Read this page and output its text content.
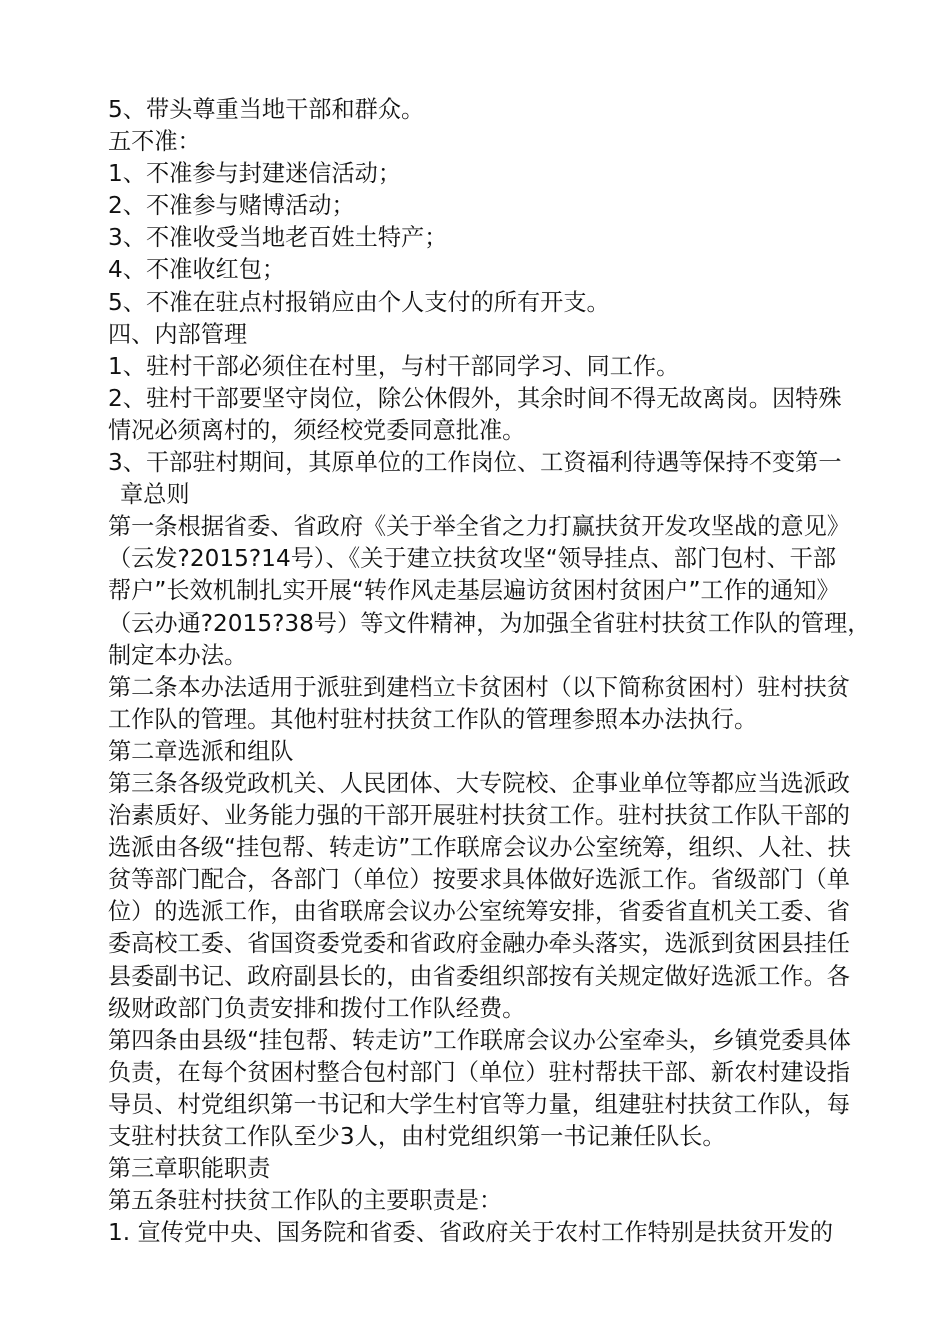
5、带头尊重当地干部和群众。
五不准：
1、不准参与封建迷信活动；
2、不准参与赌博活动；
3、不准收受当地老百姓土特产；
4、不准收红包；
5、不准在驻点村报销应由个人支付的所有开支。
四、内部管理
1、驻村干部必须住在村里，与村干部同学习、同工作。
2、驻村干部要坚守岗位，除公休假外，其余时间不得无故离岗。因特殊
情况必须离村的，须经校党委同意批准。
3、干部驻村期间，其原单位的工作岗位、工资福利待遇等保持不变第一
章总则
第一条根据省委、省政府《关于举全省之力打赢扶贫开发攻坚战的意见》
（云发?2015?14号）、《关于建立扶贫攻坚“领导挂点、部门包村、干部
帮户”长效机制扎实开展“转作风走基层遍访贫困村贫困户”工作的通知》
（云办通?2015?38号）等文件精神，为加强全省驻村扶贫工作队的管理，
制定本办法。
第二条本办法适用于派驻到建档立卡贫困村（以下简称贫困村）驻村扶贫
工作队的管理。其他村驻村扶贫工作队的管理参照本办法执行。
第二章选派和组队
第三条各级党政机关、人民团体、大专院校、企事业单位等都应当选派政
治素质好、业务能力强的干部开展驻村扶贫工作。驻村扶贫工作队干部的
选派由各级“挂包帮、转走访”工作联席会议办公室统筹，组织、人社、扶
贫等部门配合，各部门（单位）按要求具体做好选派工作。省级部门（单
位）的选派工作，由省联席会议办公室统筹安排，省委省直机关工委、省
委高校工委、省国资委党委和省政府金融办牵头落实，选派到贫困县挂任
县委副书记、政府副县长的，由省委组织部按有关规定做好选派工作。各
级财政部门负责安排和拨付工作队经费。
第四条由县级“挂包帮、转走访”工作联席会议办公室牵头，乡镇党委具体
负责，在每个贫困村整合包村部门（单位）驻村帮扶干部、新农村建设指
导员、村党组织第一书记和大学生村官等力量，组建驻村扶贫工作队，每
支驻村扶贫工作队至少3人，由村党组织第一书记兼任队长。
第三章职能职责
第五条驻村扶贫工作队的主要职责是：
1. 宣传党中央、国务院和省委、省政府关于农村工作特别是扶贫开发的
